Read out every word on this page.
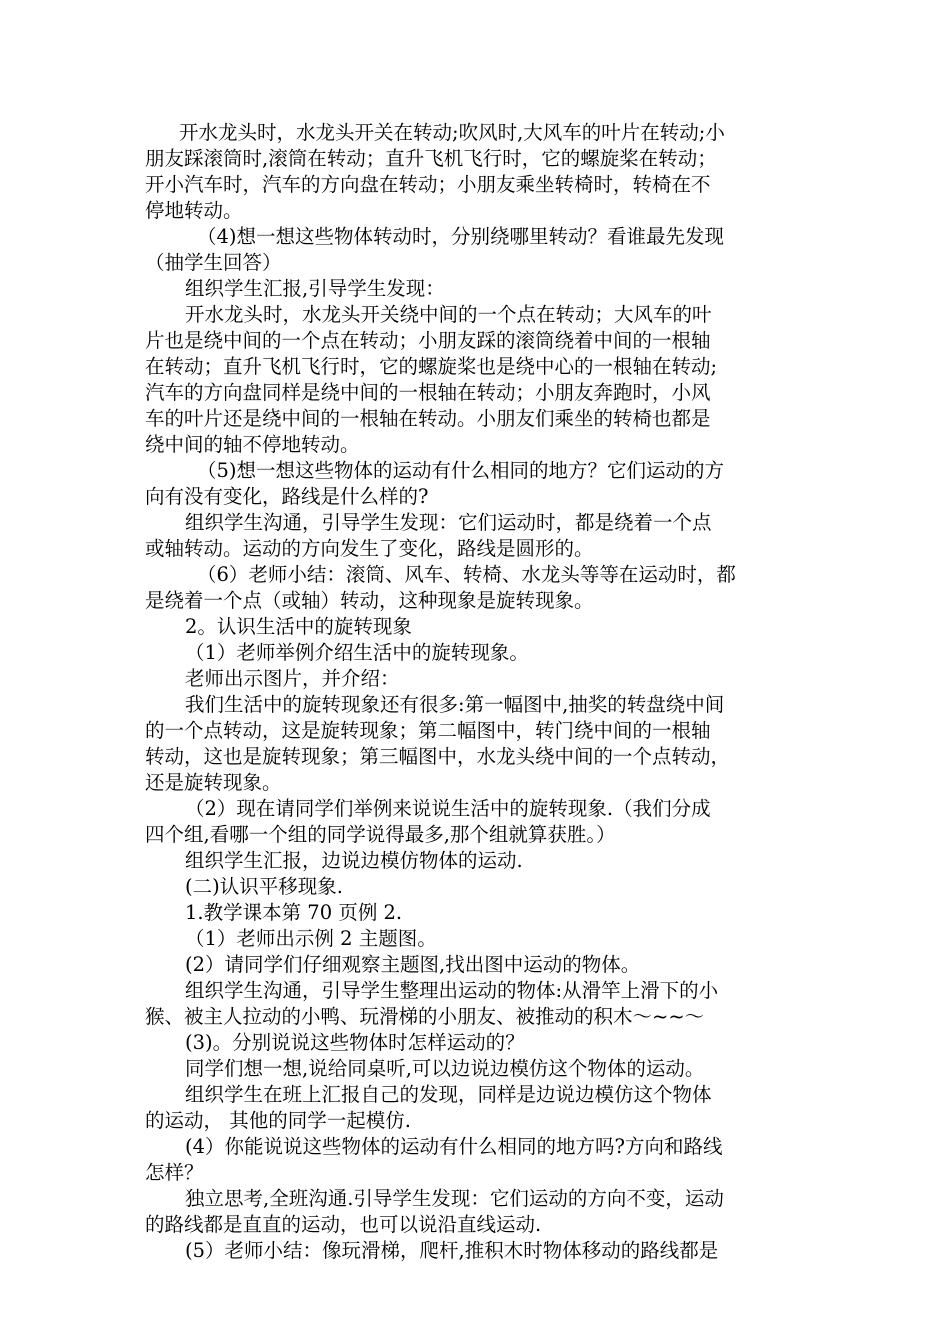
开水龙头时，水龙头开关在转动;吹风时,大风车的叶片在转动;小
朋友踩滚筒时,滚筒在转动；直升飞机飞行时，它的螺旋桨在转动；
开小汽车时，汽车的方向盘在转动；小朋友乘坐转椅时，转椅在不
停地转动。
（4)想一想这些物体转动时，分别绕哪里转动？看谁最先发现
（抽学生回答）
组织学生汇报,引导学生发现：
开水龙头时，水龙头开关绕中间的一个点在转动；大风车的叶
片也是绕中间的一个点在转动；小朋友踩的滚筒绕着中间的一根轴
在转动；直升飞机飞行时，它的螺旋桨也是绕中心的一根轴在转动;
汽车的方向盘同样是绕中间的一根轴在转动；小朋友奔跑时，小风
车的叶片还是绕中间的一根轴在转动。小朋友们乘坐的转椅也都是
绕中间的轴不停地转动。
（5)想一想这些物体的运动有什么相同的地方？它们运动的方
向有没有变化，路线是什么样的?
组织学生沟通，引导学生发现：它们运动时，都是绕着一个点
或轴转动。运动的方向发生了变化，路线是圆形的。
（6）老师小结：滚筒、风车、转椅、水龙头等等在运动时，都
是绕着一个点（或轴）转动，这种现象是旋转现象。
2。认识生活中的旋转现象
（1）老师举例介绍生活中的旋转现象。
老师出示图片，并介绍：
我们生活中的旋转现象还有很多:第一幅图中,抽奖的转盘绕中间
的一个点转动，这是旋转现象；第二幅图中，转门绕中间的一根轴
转动，这也是旋转现象；第三幅图中，水龙头绕中间的一个点转动，
还是旋转现象。
（2）现在请同学们举例来说说生活中的旋转现象.（我们分成
四个组,看哪一个组的同学说得最多,那个组就算获胜。）
组织学生汇报，边说边模仿物体的运动.
(二)认识平移现象.
1.教学课本第 70 页例 2.
（1）老师出示例 2 主题图。
(2）请同学们仔细观察主题图,找出图中运动的物体。
组织学生沟通，引导学生整理出运动的物体:从滑竿上滑下的小
猴、被主人拉动的小鸭、玩滑梯的小朋友、被推动的积木～~~～
(3)。分别说说这些物体时怎样运动的？
同学们想一想,说给同桌听,可以边说边模仿这个物体的运动。
组织学生在班上汇报自己的发现，同样是边说边模仿这个物体
的运动， 其他的同学一起模仿.
(4）你能说说这些物体的运动有什么相同的地方吗?方向和路线
怎样？
独立思考,全班沟通.引导学生发现：它们运动的方向不变，运动
的路线都是直直的运动，也可以说沿直线运动.
(5）老师小结：像玩滑梯，爬杆,推积木时物体移动的路线都是
